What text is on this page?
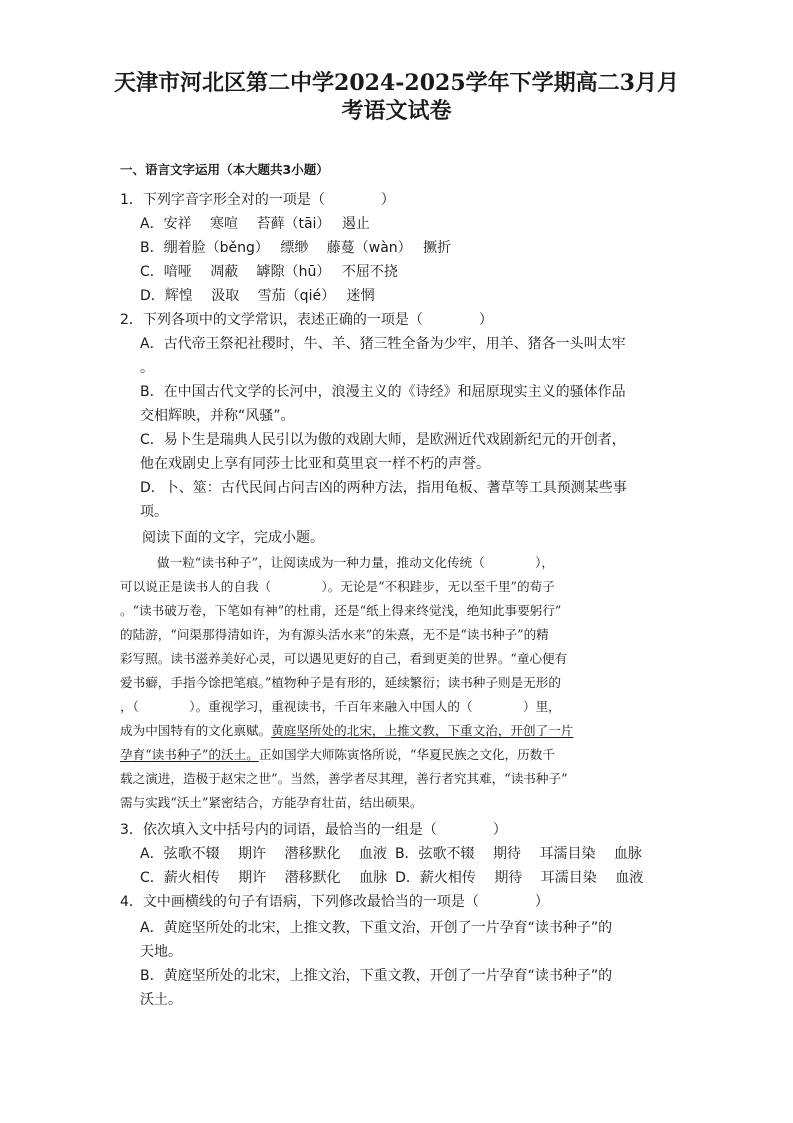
天津市河北区第二中学2024-2025学年下学期高二3月月
考语文试卷

一、语言文字运用（本大题共3小题）

1．下列字音字形全对的一项是（　　　　）

A．安祥　 寒喧　 苔藓（tāi）　 遏止

B．绷着脸（běng）　 缥缈　 藤蔓（wàn）　 撅折

C．喑哑　 凋蔽　 罅隙（hū）　 不屈不挠

D．辉惶　 汲取　 雪茄（qié）　 迷惘

2．下列各项中的文学常识，表述正确的一项是（　　　　）

A．古代帝王祭祀社稷时，牛、羊、猪三牲全备为少牢，用羊、猪各一头叫太牢

。

B．在中国古代文学的长河中，浪漫主义的《诗经》和屈原现实主义的骚体作品

交相辉映，并称“风骚”。

C．易卜生是瑞典人民引以为傲的戏剧大师，是欧洲近代戏剧新纪元的开创者，

他在戏剧史上享有同莎士比亚和莫里哀一样不朽的声誉。

D．卜、筮：古代民间占问吉凶的两种方法，指用龟板、蓍草等工具预测某些事

项。

阅读下面的文字，完成小题。

做一粒“读书种子”，让阅读成为一种力量，推动文化传统（　　　　），

可以说正是读书人的自我（　　　　）。无论是“不积跬步，无以至千里”的荀子

。“读书破万卷，下笔如有神”的杜甫，还是“纸上得来终觉浅，绝知此事要躬行”

的陆游，“问渠那得清如许，为有源头活水来”的朱熹，无不是“读书种子”的精

彩写照。读书滋养美好心灵，可以遇见更好的自己，看到更美的世界。“童心便有

爱书癖，手指今馀把笔痕。”植物种子是有形的，延续繁衍；读书种子则是无形的

，（　　　　）。重视学习，重视读书，千百年来融入中国人的（　　　　）里，

成为中国特有的文化禀赋。黄庭坚所处的北宋，上推文教，下重文治，开创了一片

孕育“读书种子”的沃土。正如国学大师陈寅恪所说，“华夏民族之文化，历数千

载之演进，造极于赵宋之世”。当然，善学者尽其理，善行者究其难，“读书种子”

需与实践“沃土”紧密结合，方能孕育壮苗，结出硕果。

3．依次填入文中括号内的词语，最恰当的一组是（　　　　）

A．弦歌不辍　 期许　 潜移默化　 血液 B．弦歌不辍　 期待　 耳濡目染　 血脉

C．薪火相传　 期许　 潜移默化　 血脉 D．薪火相传　 期待　 耳濡目染　 血液

4．文中画横线的句子有语病，下列修改最恰当的一项是（　　　　）

A．黄庭坚所处的北宋，上推文教，下重文治，开创了一片孕育“读书种子”的

天地。

B．黄庭坚所处的北宋，上推文治，下重文教，开创了一片孕育“读书种子”的

沃土。
